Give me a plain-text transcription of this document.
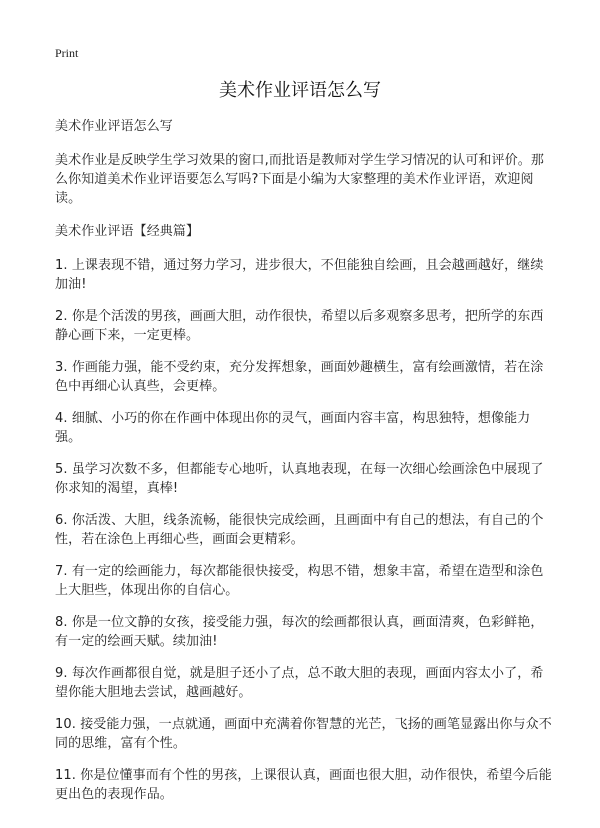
Print
美术作业评语怎么写

美术作业评语怎么写

美术作业是反映学生学习效果的窗口,而批语是教师对学生学习情况的认可和评价。那么你知道美术作业评语要怎么写吗?下面是小编为大家整理的美术作业评语，欢迎阅读。

美术作业评语【经典篇】

1. 上课表现不错，通过努力学习，进步很大，不但能独自绘画，且会越画越好，继续加油!

2. 你是个活泼的男孩，画画大胆，动作很快，希望以后多观察多思考，把所学的东西静心画下来，一定更棒。

3. 作画能力强，能不受约束，充分发挥想象，画面妙趣横生，富有绘画激情，若在涂色中再细心认真些，会更棒。

4. 细腻、小巧的你在作画中体现出你的灵气，画面内容丰富，构思独特，想像能力强。

5. 虽学习次数不多，但都能专心地听，认真地表现，在每一次细心绘画涂色中展现了你求知的渴望，真棒!

6. 你活泼、大胆，线条流畅，能很快完成绘画，且画面中有自己的想法，有自己的个性，若在涂色上再细心些，画面会更精彩。

7. 有一定的绘画能力，每次都能很快接受，构思不错，想象丰富，希望在造型和涂色上大胆些，体现出你的自信心。

8. 你是一位文静的女孩，接受能力强，每次的绘画都很认真，画面清爽，色彩鲜艳，有一定的绘画天赋。续加油!

9. 每次作画都很自觉，就是胆子还小了点，总不敢大胆的表现，画面内容太小了，希望你能大胆地去尝试，越画越好。

10. 接受能力强，一点就通，画面中充满着你智慧的光芒，飞扬的画笔显露出你与众不同的思维，富有个性。

11. 你是位懂事而有个性的男孩，上课很认真，画面也很大胆，动作很快，希望今后能更出色的表现作品。
